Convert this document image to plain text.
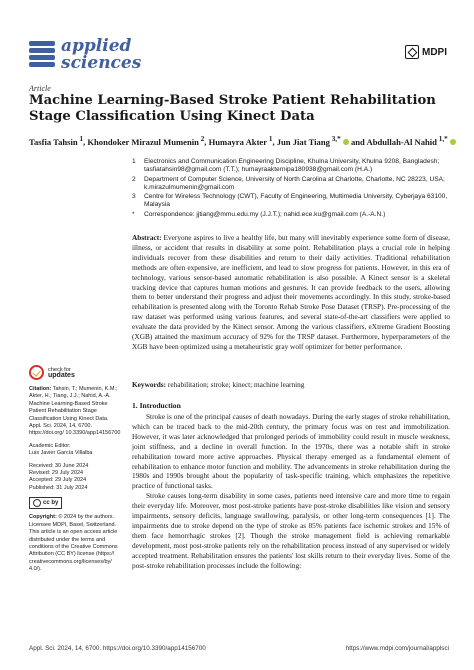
applied
sciences
MDPI
Article
Machine Learning-Based Stroke Patient Rehabilitation Stage Classification Using Kinect Data
Tasfia Tahsin $^1$, Khondoker Mirazul Mumenin $^2$, Humayra Akter $^1$, Jun Jiat Tiang $^{3,*}$  and Abdullah-Al Nahid $^{1,*}$
1	Electronics and Communication Engineering Discipline, Khulna University, Khulna 9208, Bangladesh; tasfiatahsin98@gmail.com (T.T.); humayraakternipa180938@gmail.com (H.A.)
2	Department of Computer Science, University of North Carolina at Charlotte, Charlotte, NC 28223, USA; k.mirazulmumenin@gmail.com
3	Centre for Wireless Technology (CWT), Faculty of Engineering, Multimedia University, Cyberjaya 63100, Malaysia
*	Correspondence: jjtiang@mmu.edu.my (J.J.T.); nahid.ece.ku@gmail.com (A.-A.N.)
Abstract: Everyone aspires to live a healthy life, but many will inevitably experience some form of disease, illness, or accident that results in disability at some point. Rehabilitation plays a crucial role in helping individuals recover from these disabilities and return to their daily activities. Traditional rehabilitation methods are often expensive, are inefficient, and lead to slow progress for patients. However, in this era of technology, various sensor-based automatic rehabilitation is also possible. A Kinect sensor is a skeletal tracking device that captures human motions and gestures. It can provide feedback to the users, allowing them to better understand their progress and adjust their movements accordingly. In this study, stroke-based rehabilitation is presented along with the Toronto Rehab Stroke Pose Dataset (TRSP). Pre-processing of the raw dataset was performed using various features, and several state-of-the-art classifiers were applied to evaluate the data provided by the Kinect sensor. Among the various classifiers, eXtreme Gradient Boosting (XGB) attained the maximum accuracy of 92% for the TRSP dataset. Furthermore, hyperparameters of the XGB have been optimized using a metaheuristic gray wolf optimizer for better performance.
Keywords: rehabilitation; stroke; kinect; machine learning
1. Introduction

Stroke is one of the principal causes of death nowadays. During the early stages of stroke rehabilitation, which can be traced back to the mid-20th century, the primary focus was on rest and immobilization. However, it was later acknowledged that prolonged periods of immobility could result in muscle weakness, joint stiffness, and a decline in overall function. In the 1970s, there was a notable shift in stroke rehabilitation toward more active approaches. Physical therapy emerged as a fundamental element of rehabilitation to enhance motor function and mobility. The advancements in stroke rehabilitation during the 1980s and 1990s brought about the popularity of task-specific training, which emphasizes the repetitive practice of functional tasks.

Stroke causes long-term disability in some cases, patients need intensive care and more time to regain their everyday life. Moreover, most post-stroke patients have post-stroke disabilities like vision and sensory impairments, sensory deficits, language swallowing, paralysis, or other long-term consequences [1]. The impairments due to stroke depend on the type of stroke as 85% patients face ischemic strokes and 15% of them face hemorrhagic strokes [2]. Though the stroke management field is achieving remarkable development, most post-stroke patients rely on the rehabilitation process instead of any supervised or widely accepted treatment. Rehabilitation ensures the patients' lost skills return to their everyday lives. Some of the post-stroke rehabilitation processes include the following:

check for
updates
Citation: Tahsin, T.; Mumenin, K.M.; Akter, H.; Tiang, J.J.; Nahid, A.-A. Machine Learning-Based Stroke Patient Rehabilitation Stage Classification Using Kinect Data. Appl. Sci. 2024, 14, 6700. https://doi.org/ 10.3390/app14156700
Academic Editor:
Luis Javier García Villalba
Received: 30 June 2024
Revised: 29 July 2024
Accepted: 29 July 2024
Published: 31 July 2024
cc by
Copyright: © 2024 by the authors. Licensee MDPI, Basel, Switzerland. This article is an open access article distributed under the terms and conditions of the Creative Commons Attribution (CC BY) license (https:// creativecommons.org/licenses/by/ 4.0/).
Appl. Sci. 2024, 14, 6700. https://doi.org/10.3390/app14156700	https://www.mdpi.com/journal/applsci
